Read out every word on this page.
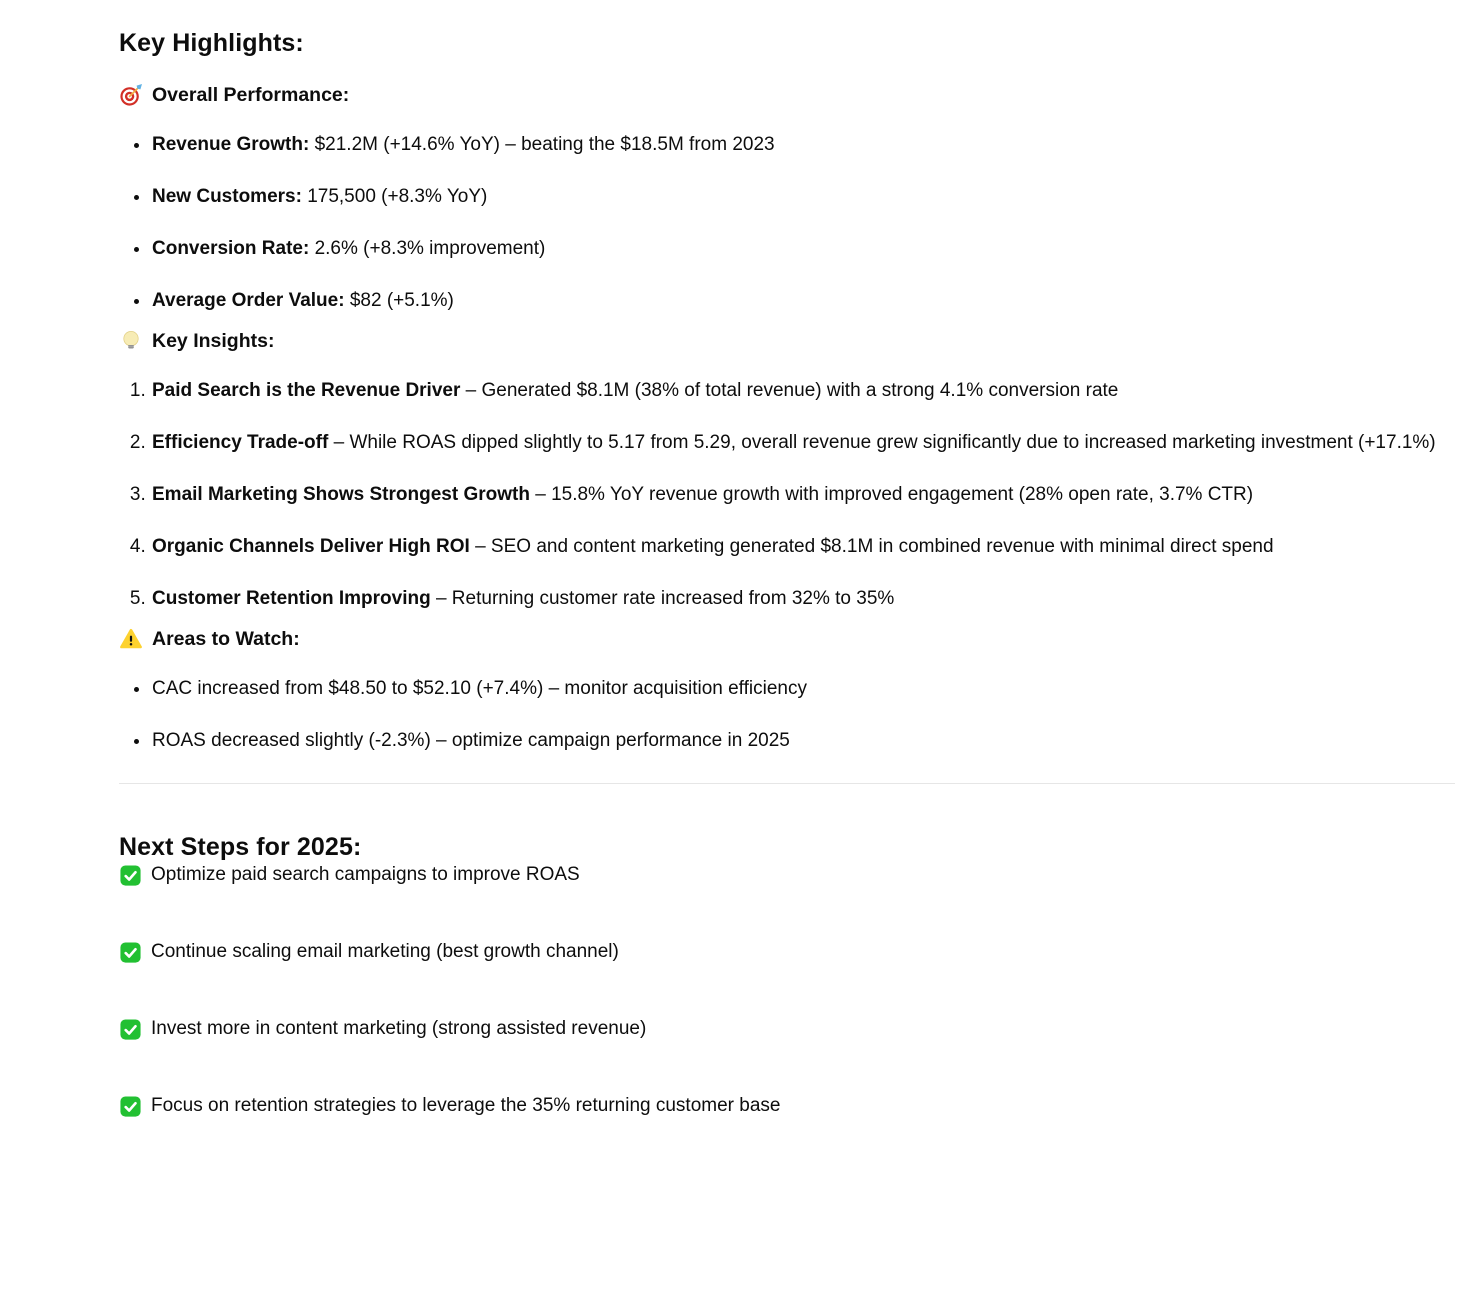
Key Highlights:

Overall Performance:

• Revenue Growth: $21.2M (+14.6% YoY) – beating the $18.5M from 2023
• New Customers: 175,500 (+8.3% YoY)
• Conversion Rate: 2.6% (+8.3% improvement)
• Average Order Value: $82 (+5.1%)

Key Insights:

1. Paid Search is the Revenue Driver – Generated $8.1M (38% of total revenue) with a strong 4.1% conversion rate
2. Efficiency Trade-off – While ROAS dipped slightly to 5.17 from 5.29, overall revenue grew significantly due to increased marketing investment (+17.1%)
3. Email Marketing Shows Strongest Growth – 15.8% YoY revenue growth with improved engagement (28% open rate, 3.7% CTR)
4. Organic Channels Deliver High ROI – SEO and content marketing generated $8.1M in combined revenue with minimal direct spend
5. Customer Retention Improving – Returning customer rate increased from 32% to 35%

Areas to Watch:

• CAC increased from $48.50 to $52.10 (+7.4%) – monitor acquisition efficiency
• ROAS decreased slightly (-2.3%) – optimize campaign performance in 2025
Next Steps for 2025:

Optimize paid search campaigns to improve ROAS

Continue scaling email marketing (best growth channel)

Invest more in content marketing (strong assisted revenue)

Focus on retention strategies to leverage the 35% returning customer base
